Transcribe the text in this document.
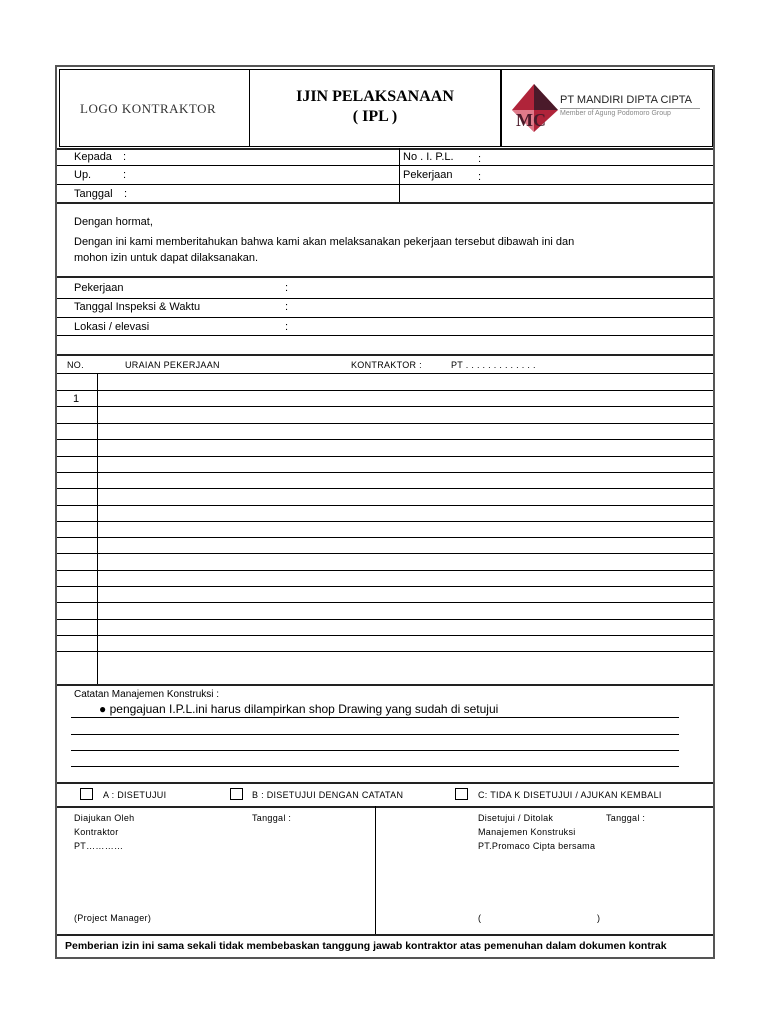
LOGO KONTRAKTOR
IJIN PELAKSANAAN
( IPL )	MC
PT MANDIRI DIPTA CIPTA
Member of Agung Podomoro Group
Kepada :
Up.	:
Tanggal :
No . I. P.L. :
Pekerjaan :
Dengan hormat,
Dengan ini kami memberitahukan bahwa kami akan melaksanakan pekerjaan tersebut dibawah ini dan
mohon izin untuk dapat dilaksanakan.
Pekerjaan	:
Tanggal Inspeksi & Waktu	:
Lokasi / elevasi	:
NO.	URAIAN PEKERJAAN	KONTRAKTOR :	PT . . . . . . . . . . . . .
1
Catatan Manajemen Konstruksi :
● pengajuan I.P.L.ini harus dilampirkan shop Drawing yang sudah di setujui
A : DISETUJUI	B : DISETUJUI DENGAN CATATAN	C: TIDA K DISETUJUI / AJUKAN KEMBALI
Diajukan Oleh	Tanggal :
Kontraktor
PT…………
(Project Manager)
Disetujui / Ditolak	Tanggal :
Manajemen Konstruksi
PT.Promaco Cipta bersama
(	)
Pemberian izin ini sama sekali tidak membebaskan tanggung jawab kontraktor atas pemenuhan dalam dokumen kontrak
